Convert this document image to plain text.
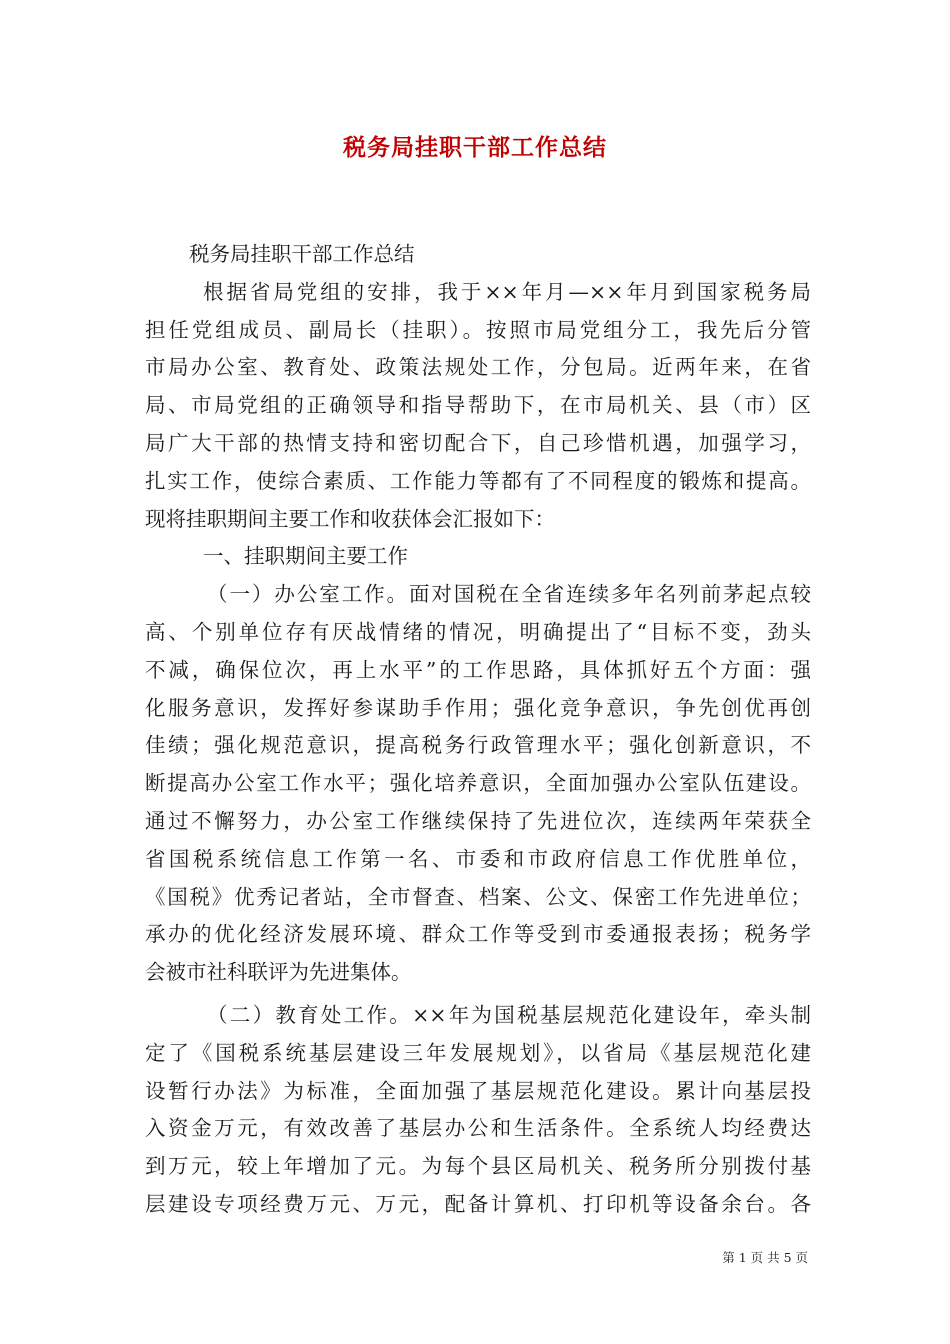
税务局挂职干部工作总结
税务局挂职干部工作总结
根据省局党组的安排，我于××年月—××年月到国家税务局
担任党组成员、副局长（挂职）。按照市局党组分工，我先后分管
市局办公室、教育处、政策法规处工作，分包局。近两年来，在省
局、市局党组的正确领导和指导帮助下，在市局机关、县（市）区
局广大干部的热情支持和密切配合下，自己珍惜机遇，加强学习，
扎实工作，使综合素质、工作能力等都有了不同程度的锻炼和提高。
现将挂职期间主要工作和收获体会汇报如下：
一、挂职期间主要工作
（一）办公室工作。面对国税在全省连续多年名列前茅起点较
高、个别单位存有厌战情绪的情况，明确提出了“目标不变，劲头
不减，确保位次，再上水平”的工作思路，具体抓好五个方面：强
化服务意识，发挥好参谋助手作用；强化竞争意识，争先创优再创
佳绩；强化规范意识，提高税务行政管理水平；强化创新意识，不
断提高办公室工作水平；强化培养意识，全面加强办公室队伍建设。
通过不懈努力，办公室工作继续保持了先进位次，连续两年荣获全
省国税系统信息工作第一名、市委和市政府信息工作优胜单位，
《国税》优秀记者站，全市督查、档案、公文、保密工作先进单位；
承办的优化经济发展环境、群众工作等受到市委通报表扬；税务学
会被市社科联评为先进集体。
（二）教育处工作。××年为国税基层规范化建设年，牵头制
定了《国税系统基层建设三年发展规划》，以省局《基层规范化建
设暂行办法》为标准，全面加强了基层规范化建设。累计向基层投
入资金万元，有效改善了基层办公和生活条件。全系统人均经费达
到万元，较上年增加了元。为每个县区局机关、税务所分别拨付基
层建设专项经费万元、万元，配备计算机、打印机等设备余台。各
第 1 页 共 5 页
